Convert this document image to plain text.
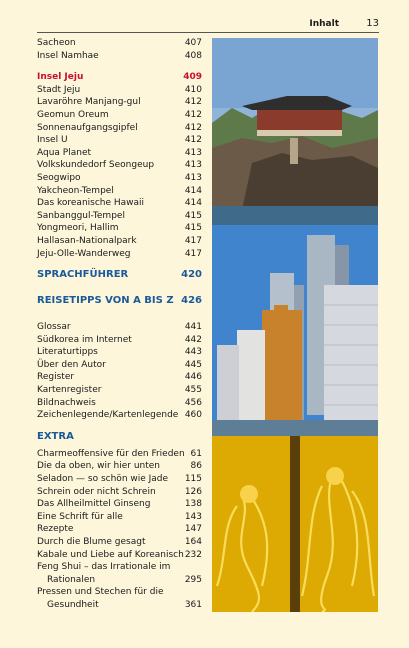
Inhalt	13
Sacheon	407
Insel Namhae	408
Insel Jeju	409
Stadt Jeju	410
Lavaröhre Manjang-gul	412
Geomun Oreum	412
Sonnenaufgangsgipfel	412
Insel U	412
Aqua Planet	413
Volkskundedorf Seongeup	413
Seogwipo	413
Yakcheon-Tempel	414
Das koreanische Hawaii	414
Sanbanggul-Tempel	415
Yongmeori, Hallim	415
Hallasan-Nationalpark	417
Jeju-Olle-Wanderweg	417
SPRACHFÜHRER	420
REISETIPPS VON A BIS Z 426
Glossar	441
Südkorea im Internet	442
Literaturtipps	443
Über den Autor	445
Register	446
Kartenregister	455
Bildnachweis	456
Zeichenlegende/Kartenlegende 460
EXTRA
Charmeoffensive für den Frieden 61
Die da oben, wir hier unten	86
Seladon — so schön wie Jade 115
Schrein oder nicht Schrein	126
Das Allheilmittel Ginseng	138
Eine Schrift für alle	143
Rezepte	147
Durch die Blume gesagt	164
Kabale und Liebe auf Koreanisch 232
Feng Shui – das Irrationale im
Rationalen	295
Pressen und Stechen für die
Gesundheit	361
